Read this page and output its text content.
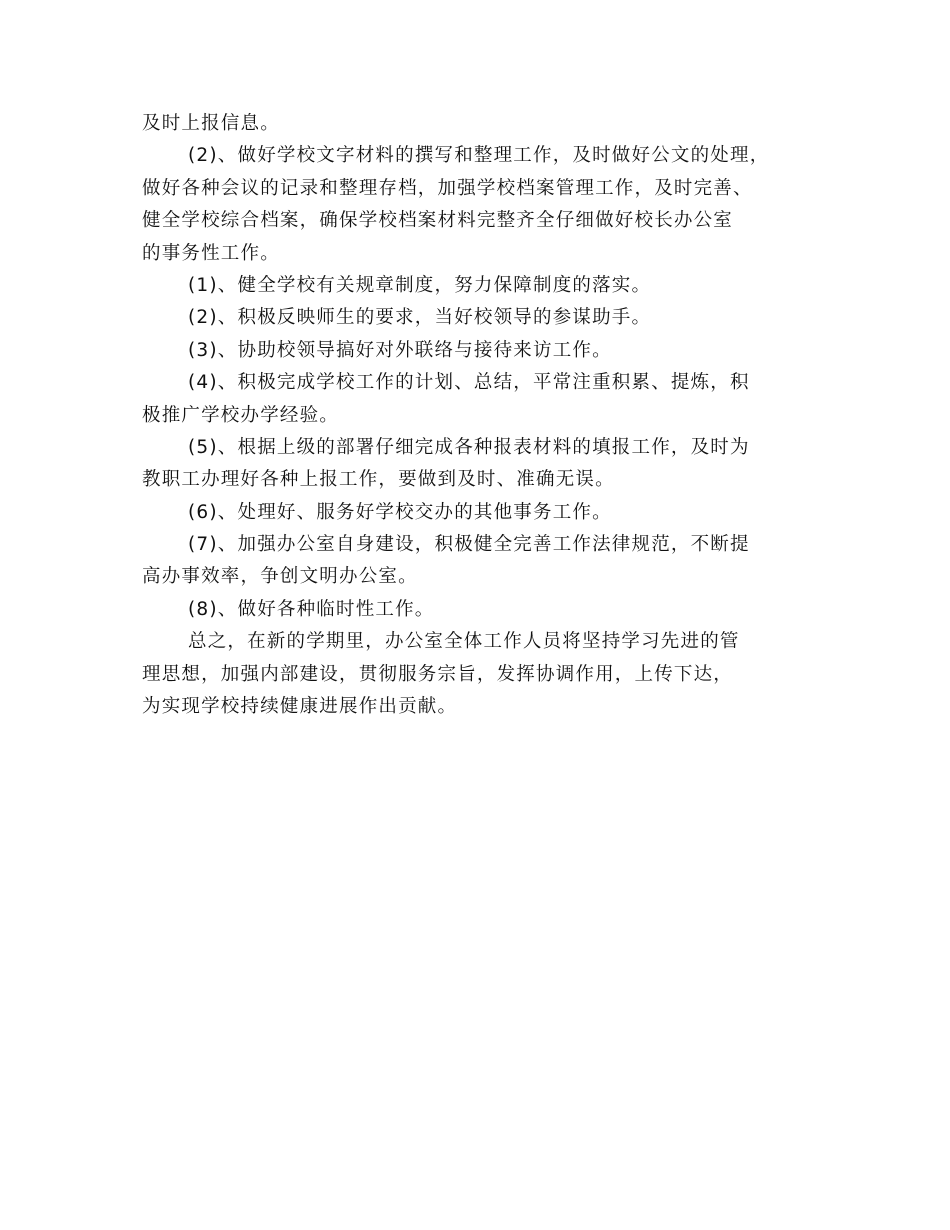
及时上报信息。
(2)、做好学校文字材料的撰写和整理工作，及时做好公文的处理，
做好各种会议的记录和整理存档，加强学校档案管理工作，及时完善、
健全学校综合档案，确保学校档案材料完整齐全仔细做好校长办公室
的事务性工作。
(1)、健全学校有关规章制度，努力保障制度的落实。
(2)、积极反映师生的要求，当好校领导的参谋助手。
(3)、协助校领导搞好对外联络与接待来访工作。
(4)、积极完成学校工作的计划、总结，平常注重积累、提炼，积
极推广学校办学经验。
(5)、根据上级的部署仔细完成各种报表材料的填报工作，及时为
教职工办理好各种上报工作，要做到及时、准确无误。
(6)、处理好、服务好学校交办的其他事务工作。
(7)、加强办公室自身建设，积极健全完善工作法律规范，不断提
高办事效率，争创文明办公室。
(8)、做好各种临时性工作。
总之，在新的学期里，办公室全体工作人员将坚持学习先进的管
理思想，加强内部建设，贯彻服务宗旨，发挥协调作用，上传下达，
为实现学校持续健康进展作出贡献。
